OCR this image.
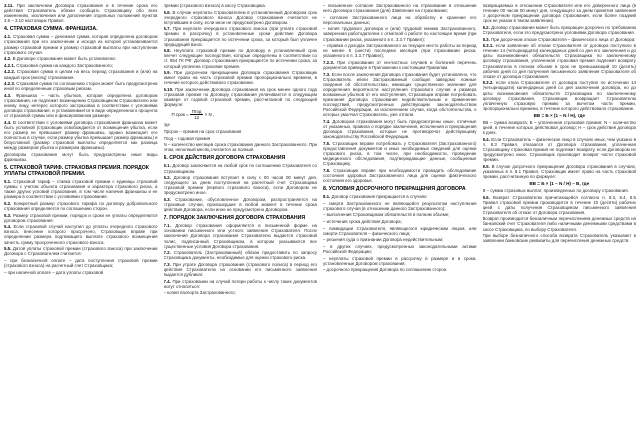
3.11. При заключении Договора страхования и в течение срока его действия Страхователь обязан сообщать Страховщику обо всех изменениях, исключения или дополнения отдельных положений пунктов 3.6 – 3.10 настоящих Правил.

4. СТРАХОВАЯ СУММА. ФРАНШИЗА.

4.1. Страховая сумма – денежная сумма, которая определена договором страхования при его заключении и исходя из которой устанавливается размер страховой премии и размер страховой выплаты при наступлении страхового случая.

4.2. В Договоре страхования может быть установлена:

4.2.1. Страховая сумма на каждого Застрахованного;

4.2.2. Страховая сумма в целом на весь период страхования и (или) на каждый срок (месяц) страхования.

4.2.3. Страховая сумма по соглашению сторон может быть предусмотрена иной по определенным страховым рискам.

4.3. Франшиза – часть убытков, которая определена договором страхования, не подлежит возмещению Страховщиком Страхователю или иному лицу, интерес которого застрахован в соответствии с условиями договора страхования, и устанавливается в виде определенного процента от страховой суммы или в фиксированном размере.

4.4. В соответствии с условиями договора страхования франшиза может быть условной (страховщик освобождается от возмещения убытка, если его размер не превышает размер франшизы, однако возмещает его полностью в случае, если размер убытка превышает размер франшизы) и безусловной (размер страховой выплаты определяется как разница между размером убытка и размером франшизы).

Договором страхования могут быть предусмотрены иные виды франшизы.

5. СТРАХОВОЙ ТАРИФ. СТРАХОВАЯ ПРЕМИЯ. ПОРЯДОК УПЛАТЫ СТРАХОВОЙ ПРЕМИИ.

5.1. Страховой тариф – ставка страховой премии с единицы страховой суммы с учетом объекта страхования и характера страхового риска, а также других условий страхования, в том числе наличия франшизы и ее размера в соответствии с условиями страхования.

5.2. Конкретный размер страхового тарифа по договору добровольного страхования определяется по соглашению сторон.

5.3. Размер страховой премии, порядок и сроки ее уплаты определяются договором страхования.

5.4. Если страховой случай наступил до уплаты очередного страхового взноса, внесение которого просрочено, Страховщик вправе при определении размера подлежащего выплате страхового возмещения зачесть сумму просроченного страхового взноса.

5.5. Датой уплаты страховой премии (страхового взноса) при заключении Договора с Страхователем считается:

– при безналичной оплате – дата поступления страховой премии (страхового взноса) на расчетный счет Страховщика;

– при наличной оплате – дата уплаты страховой

премии (страхового взноса) в кассу Страховщика.

5.6. В случае неуплаты Страхователем в установленный Договором срок очередного страхового взноса Договор страхования считается не вступившим в силу, если иное не предусмотрено Договором.

5.7. При неуплате очередного страхового взноса (при уплате страховой премии в рассрочку) в установленные сроки действие Договора страхования прекращается по истечении срока, за который был уплачен предыдущий взнос.

5.8. Неуплата страховой премии по Договору в установленный срок влечет следующие последствия, которые определены в соответствии со ст. 954 ГК РФ: Договор страхования прекращается по истечении срока, за который уплачена страховая премия.

5.9. При досрочном прекращении Договора страхования Страховщик имеет право на часть страховой премии пропорционально времени, в течение которого действовало страхование.

5.10. При заключении Договора страхования на срок менее одного года страховая премия по Договору страхования уплачивается в следующем размере от годовой страховой премии, рассчитанной по следующей формуле:

П срок = $\frac{\text{Пгод}}{12} \times N$ ,

где

Прсрок – премия на срок страхования

Пгод – годовая премия

N – количество месяцев срока страхования данного Застрахованного. При этом, неполный месяц считается за полный.

6. СРОК ДЕЙСТВИЯ ДОГОВОРА СТРАХОВАНИЯ

6.1. Договор заключается на любой срок по соглашению Страхователя со Страховщиком.

6.2. Договор страхования вступает в силу с 00 часов 00 минут дня, следующего за днем поступления на расчетный счет Страховщика страховой премии (первого страхового взноса), если Договором не предусмотрено иное.

6.3. Страхование, обусловленное Договором, распространяется на страховые случаи, происшедшие в любой момент в течение срока действия Договора, если иное не предусмотрено Договором.

7. ПОРЯДОК ЗАКЛЮЧЕНИЯ ДОГОВОРА СТРАХОВАНИЯ

7.1. Договор страхования оформляется в письменной форме на основании письменного или устного заявления Страхователя. После заключения Договора страхования Страхователю выдается страховой полис, подписанный Страховщиком, в котором указываются все существенные условия Договора страхования.

7.2. Страхователь (Застрахованный) обязан предоставить по запросу Страховщика документы, необходимые для оценки страхового риска.

7.3. При утрате Договора страхования (страхового полиса) в период его действия Страхователю на основании его письменного заявления выдается дубликат.

7.4. При страховании на случай потери работы к числу таких документов могут относиться:

– копия паспорта Застрахованного;

– письменное согласие Застрахованного на страхование в отношении него Договора страхования (для) Заявление на страхование;

– согласие Застрахованного лица на обработку и хранение его персональных данных;

– копия трудового договора и (или) трудовой книжки Застрахованного, заверенная работодателем с отметкой о работе по настоящее время (при страховании риска, указанного в п. 3.3.7 Правил);

– справка о доходах Застрахованного за текущее место работы за период не менее 6 (шести) последних месяцев (при страховании риска, указанного в п. 3.3.7 Правил);

7.2.3. При страховании от несчастных случаев и болезней перечень документов приведен в Приложении к настоящим Правилам.

7.3. Если после заключения Договора страхования будет установлено, что Страхователь и/или Застрахованный сообщил заведомо ложные сведения об обстоятельствах, имеющих существенное значение для определения вероятности наступления страхового случая и размера возможных убытков от его наступления, Страховщик вправе потребовать признания Договора страхования недействительным и применения последствий, предусмотренных действующим законодательством Российской Федерации, за исключением случая, когда обстоятельства, о которых умолчал Страхователь, уже отпали.

7.4. Договором страхования могут быть предусмотрены иные, отличные от указанных, правила о порядке заключения, исполнения и прекращения Договора страхования, которые не противоречат действующему законодательству Российской Федерации.

7.5. Страховщик вправе потребовать у Страхователя (Застрахованного) предоставления документов и иных необходимых сведений для оценки страхового риска, в том числе, при необходимости, проведение медицинского обследования, подтверждающие данные, сообщенные Страховщику.

7.6. Страховщик вправе при необходимости проводить обследование состояния здоровья Застрахованного лица для оценки фактического состояния его здоровья.

8. УСЛОВИЯ ДОСРОЧНОГО ПРЕКРАЩЕНИЯ ДОГОВОРА

8.1. Договор страхования прекращается в случаях:

– смерти Застрахованного не являющейся результатом наступления страхового случая (в отношении данного Застрахованного);

– выполнения Страховщиком обязательств в полном объеме;

– истечения срока действия Договора;

– ликвидации Страхователя, являющегося юридическим лицом, или смерти Страхователя – физического лица;

– решения суда о признании Договора недействительным;

– в других случаях, предусмотренных законодательными актами Российской Федерации;

– неуплаты страховой премии в рассрочку в размере и в сроки, установленные Договором страхования;

– досрочного прекращения Договора по соглашению сторон.

возвращаемых в отношении Страхователя или его доверенного лица (в течение 00 часов 00 минут дня, следующего за днем принятия заявления о досрочном прекращении договора страхования, если более поздний срок не указан в таком заявлении).

8.2. Договор страхования может быть прекращен досрочно по требованию Страхователя, если это предусмотрено условиями Договора страхования.

8.3. При досрочном отказе Страхователя – физического лица от Договора:

8.3.1. если заявление об отказе Страхователя от договора поступило в течение 14 (четырнадцати) календарных дней со дня его заключения и до даты возникновения обязательств Страховщика по заключенному договору страхования, уплаченная страховая премия подлежит возврату Страхователю в полном объеме в срок не превышающий 10 (десять) рабочих дней со дня получения письменного заявления Страхователя об отказе от договора страхования;

8.3.2. если отказ Страхователя от договора поступил по истечении 14 (четырнадцати) календарных дней со дня заключения договора, но до даты возникновения обязательств Страховщика по заключенному договору страхования, Страховщик возвращает Страхователю уплаченную страховую премию за вычетом части премии, пропорционально времени, в течение которого действовало страхование.

ВВ = Б × (1 – N / Н), где

ВВ – сумма возврата; Б – уплаченная страховая премия; N – количество дней, в течение которых действовал договор; Н – срок действия договора в днях.

8.4. Если Страхователь – физическое лицо в случаях иных, чем указано в п. 8.3 Правил, отказался от Договора страхования, уплаченная Страховщику страховая премия не подлежит возврату, если Договором не предусмотрено иное. Страховщик производит возврат части страховой премии.

8.5. В случае досрочного прекращения Договора страхования в случаях, указанных в п. 8.1 Правил, Страховщик имеет право на часть страховой премии, рассчитанную по формуле:

ВВ = Б × (1 – N / Н) – В, где

В – сумма страховых выплат, произведенных по договору страхования.

8.6. Возврат Страхователю причитающейся согласно п. 8.3, 8.4, 8.5 Правил страховой премии производится в течение 10 (десяти) рабочих дней с даты получения Страховщиком письменного заявления Страхователя об отказе от Договора страхования.

Возврат производится безналичным перечислением денежных средств на банковский счет Страхователя либо наличными денежными средствами в кассе Страховщика, по выбору Страхователя.

При выборе безналичного способа возврата Страхователь указывает в заявлении банковские реквизиты для перечисления денежных средств.
